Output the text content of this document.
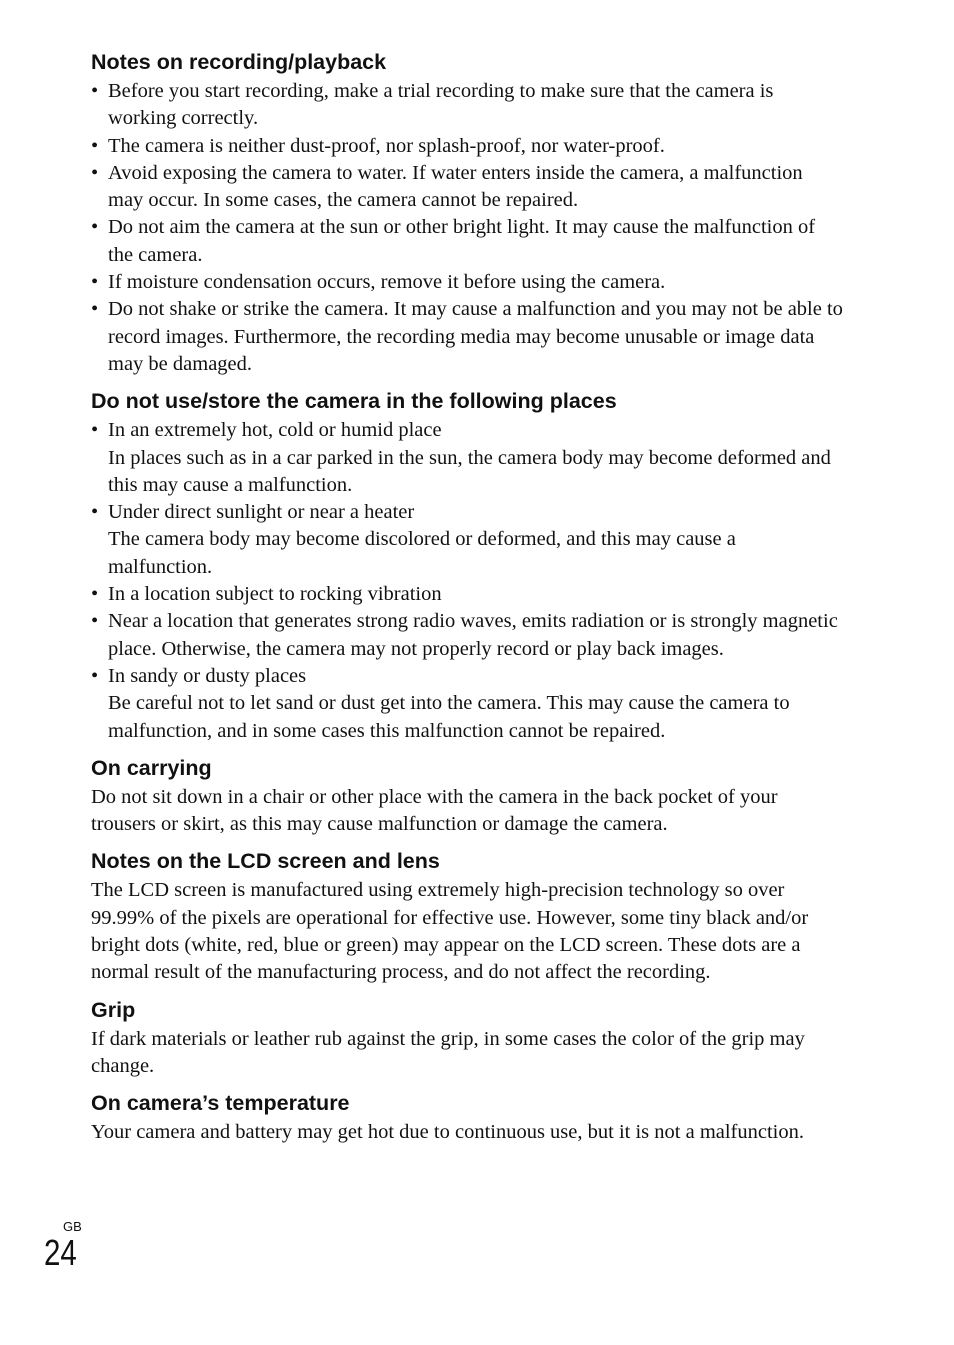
Notes on recording/playback
• Before you start recording, make a trial recording to make sure that the camera is working correctly.
• The camera is neither dust-proof, nor splash-proof, nor water-proof.
• Avoid exposing the camera to water. If water enters inside the camera, a malfunction may occur. In some cases, the camera cannot be repaired.
• Do not aim the camera at the sun or other bright light. It may cause the malfunction of the camera.
• If moisture condensation occurs, remove it before using the camera.
• Do not shake or strike the camera. It may cause a malfunction and you may not be able to record images. Furthermore, the recording media may become unusable or image data may be damaged.
Do not use/store the camera in the following places
• In an extremely hot, cold or humid place
In places such as in a car parked in the sun, the camera body may become deformed and this may cause a malfunction.
• Under direct sunlight or near a heater
The camera body may become discolored or deformed, and this may cause a malfunction.
• In a location subject to rocking vibration
• Near a location that generates strong radio waves, emits radiation or is strongly magnetic place. Otherwise, the camera may not properly record or play back images.
• In sandy or dusty places
Be careful not to let sand or dust get into the camera. This may cause the camera to malfunction, and in some cases this malfunction cannot be repaired.
On carrying

Do not sit down in a chair or other place with the camera in the back pocket of your trousers or skirt, as this may cause malfunction or damage the camera.

Notes on the LCD screen and lens

The LCD screen is manufactured using extremely high-precision technology so over 99.99% of the pixels are operational for effective use. However, some tiny black and/or bright dots (white, red, blue or green) may appear on the LCD screen. These dots are a normal result of the manufacturing process, and do not affect the recording.

Grip

If dark materials or leather rub against the grip, in some cases the color of the grip may change.

On camera’s temperature

Your camera and battery may get hot due to continuous use, but it is not a malfunction.

GB
24
